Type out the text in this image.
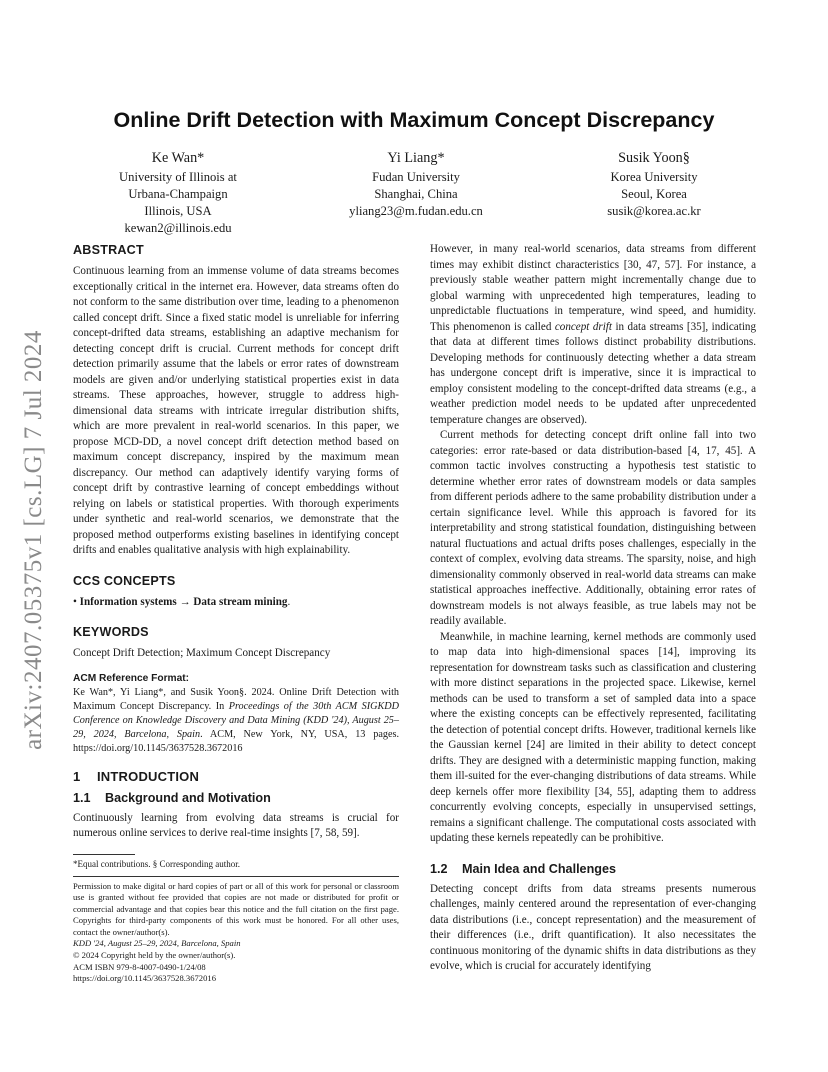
arXiv:2407.05375v1 [cs.LG] 7 Jul 2024
Online Drift Detection with Maximum Concept Discrepancy
Ke Wan*
University of Illinois at
Urbana-Champaign
Illinois, USA
kewan2@illinois.edu
Yi Liang*
Fudan University
Shanghai, China
yliang23@m.fudan.edu.cn
Susik Yoon§
Korea University
Seoul, Korea
susik@korea.ac.kr
ABSTRACT

Continuous learning from an immense volume of data streams becomes exceptionally critical in the internet era. However, data streams often do not conform to the same distribution over time, leading to a phenomenon called concept drift. Since a fixed static model is unreliable for inferring concept-drifted data streams, establishing an adaptive mechanism for detecting concept drift is crucial. Current methods for concept drift detection primarily assume that the labels or error rates of downstream models are given and/or underlying statistical properties exist in data streams. These approaches, however, struggle to address high-dimensional data streams with intricate irregular distribution shifts, which are more prevalent in real-world scenarios. In this paper, we propose MCD-DD, a novel concept drift detection method based on maximum concept discrepancy, inspired by the maximum mean discrepancy. Our method can adaptively identify varying forms of concept drift by contrastive learning of concept embeddings without relying on labels or statistical properties. With thorough experiments under synthetic and real-world scenarios, we demonstrate that the proposed method outperforms existing baselines in identifying concept drifts and enables qualitative analysis with high explainability.

CCS CONCEPTS

• Information systems → Data stream mining.

KEYWORDS

Concept Drift Detection; Maximum Concept Discrepancy

ACM Reference Format:

Ke Wan*, Yi Liang*, and Susik Yoon§. 2024. Online Drift Detection with Maximum Concept Discrepancy. In Proceedings of the 30th ACM SIGKDD Conference on Knowledge Discovery and Data Mining (KDD '24), August 25–29, 2024, Barcelona, Spain. ACM, New York, NY, USA, 13 pages. https://doi.org/10.1145/3637528.3672016

1 INTRODUCTION
1.1 Background and Motivation

Continuously learning from evolving data streams is crucial for numerous online services to derive real-time insights [7, 58, 59].

*Equal contributions. § Corresponding author.
Permission to make digital or hard copies of part or all of this work for personal or classroom use is granted without fee provided that copies are not made or distributed for profit or commercial advantage and that copies bear this notice and the full citation on the first page. Copyrights for third-party components of this work must be honored. For all other uses, contact the owner/author(s).
KDD '24, August 25–29, 2024, Barcelona, Spain
© 2024 Copyright held by the owner/author(s).
ACM ISBN 979-8-4007-0490-1/24/08
https://doi.org/10.1145/3637528.3672016

However, in many real-world scenarios, data streams from different times may exhibit distinct characteristics [30, 47, 57]. For instance, a previously stable weather pattern might incrementally change due to global warming with unprecedented high temperatures, leading to unpredictable fluctuations in temperature, wind speed, and humidity. This phenomenon is called concept drift in data streams [35], indicating that data at different times follows distinct probability distributions. Developing methods for continuously detecting whether a data stream has undergone concept drift is imperative, since it is impractical to employ consistent modeling to the concept-drifted data streams (e.g., a weather prediction model needs to be updated after unprecedented temperature changes are observed).

Current methods for detecting concept drift online fall into two categories: error rate-based or data distribution-based [4, 17, 45]. A common tactic involves constructing a hypothesis test statistic to determine whether error rates of downstream models or data samples from different periods adhere to the same probability distribution under a certain significance level. While this approach is favored for its interpretability and strong statistical foundation, distinguishing between natural fluctuations and actual drifts poses challenges, especially in the context of complex, evolving data streams. The sparsity, noise, and high dimensionality commonly observed in real-world data streams can make statistical approaches ineffective. Additionally, obtaining error rates of downstream models is not always feasible, as true labels may not be readily available.

Meanwhile, in machine learning, kernel methods are commonly used to map data into high-dimensional spaces [14], improving its representation for downstream tasks such as classification and clustering with more distinct separations in the projected space. Likewise, kernel methods can be used to transform a set of sampled data into a space where the existing concepts can be effectively represented, facilitating the detection of potential concept drifts. However, traditional kernels like the Gaussian kernel [24] are limited in their ability to detect concept drifts. They are designed with a deterministic mapping function, making them ill-suited for the ever-changing distributions of data streams. While deep kernels offer more flexibility [34, 55], adapting them to address concurrently evolving concepts, especially in unsupervised settings, remains a significant challenge. The computational costs associated with updating these kernels repeatedly can be prohibitive.

1.2 Main Idea and Challenges

Detecting concept drifts from data streams presents numerous challenges, mainly centered around the representation of ever-changing data distributions (i.e., concept representation) and the measurement of their differences (i.e., drift quantification). It also necessitates the continuous monitoring of the dynamic shifts in data distributions as they evolve, which is crucial for accurately identifying
